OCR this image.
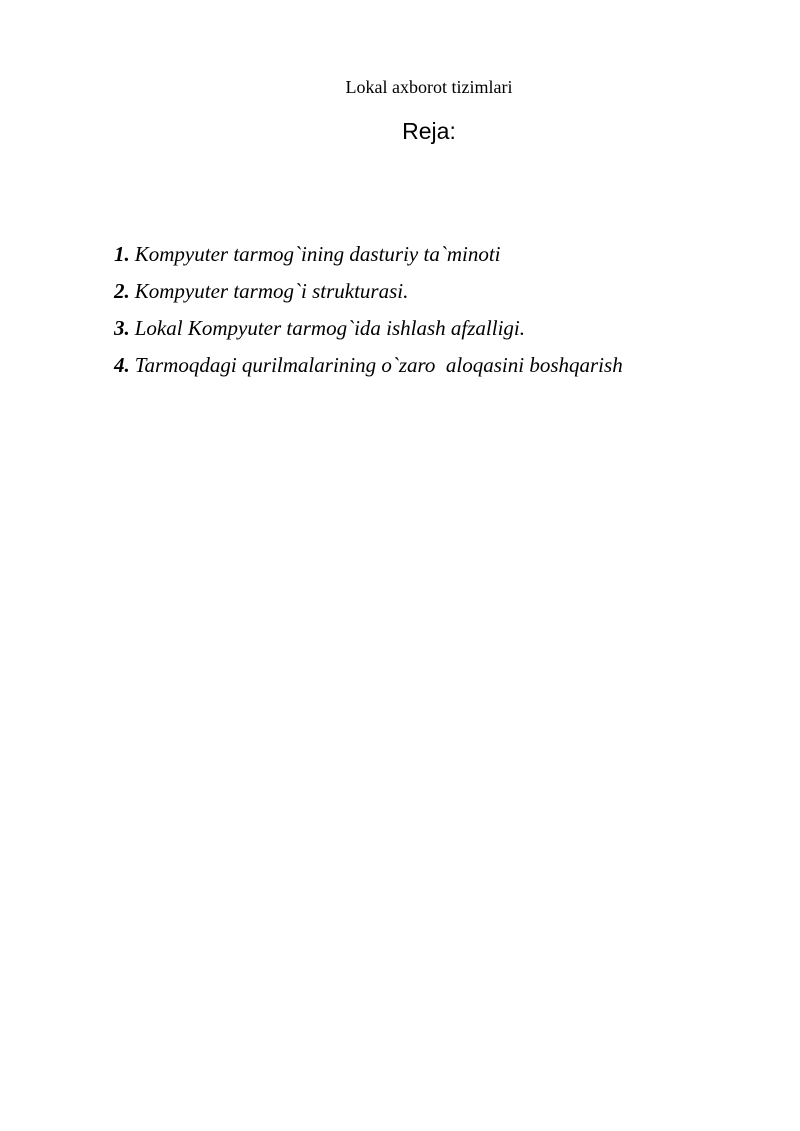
Lokal axborot tizimlari
Reja:
1. Kompyuter tarmog`ining dasturiy ta`minoti
2. Kompyuter tarmog`i strukturasi.
3. Lokal Kompyuter tarmog`ida ishlash afzalligi.
4. Tarmoqdagi qurilmalarining o`zaro  aloqasini boshqarish
